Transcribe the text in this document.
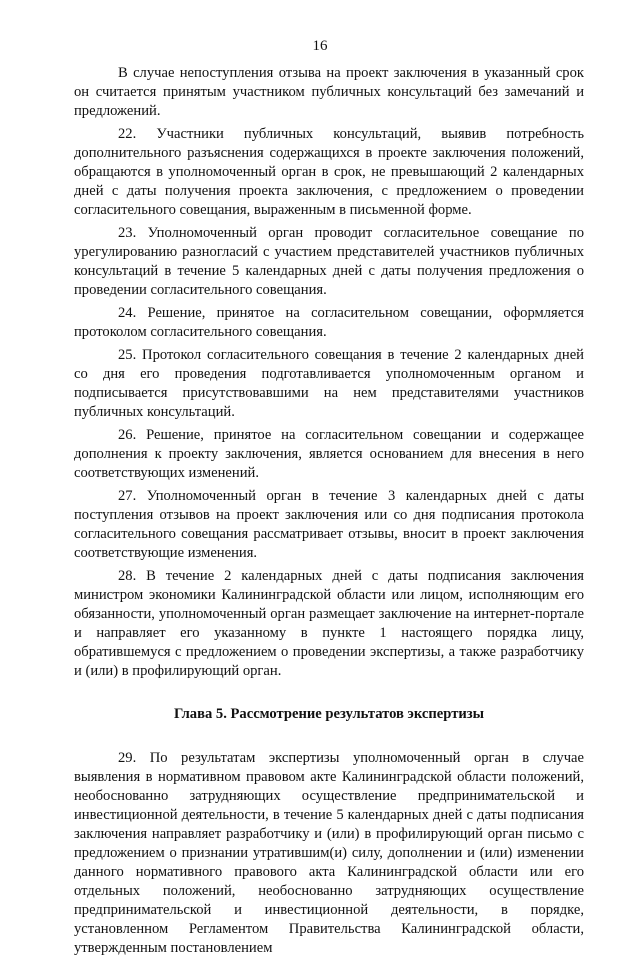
16

В случае непоступления отзыва на проект заключения в указанный срок он считается принятым участником публичных консультаций без замечаний и предложений.

22. Участники публичных консультаций, выявив потребность дополнительного разъяснения содержащихся в проекте заключения положений, обращаются в уполномоченный орган в срок, не превышающий 2 календарных дней с даты получения проекта заключения, с предложением о проведении согласительного совещания, выраженным в письменной форме.

23. Уполномоченный орган проводит согласительное совещание по урегулированию разногласий с участием представителей участников публичных консультаций в течение 5 календарных дней с даты получения предложения о проведении согласительного совещания.

24. Решение, принятое на согласительном совещании, оформляется протоколом согласительного совещания.

25. Протокол согласительного совещания в течение 2 календарных дней со дня его проведения подготавливается уполномоченным органом и подписывается присутствовавшими на нем представителями участников публичных консультаций.

26. Решение, принятое на согласительном совещании и содержащее дополнения к проекту заключения, является основанием для внесения в него соответствующих изменений.

27. Уполномоченный орган в течение 3 календарных дней с даты поступления отзывов на проект заключения или со дня подписания протокола согласительного совещания рассматривает отзывы, вносит в проект заключения соответствующие изменения.

28. В течение 2 календарных дней с даты подписания заключения министром экономики Калининградской области или лицом, исполняющим его обязанности, уполномоченный орган размещает заключение на интернет-портале и направляет его указанному в пункте 1 настоящего порядка лицу, обратившемуся с предложением о проведении экспертизы, а также разработчику и (или) в профилирующий орган.

Глава 5. Рассмотрение результатов экспертизы

29. По результатам экспертизы уполномоченный орган в случае выявления в нормативном правовом акте Калининградской области положений, необоснованно затрудняющих осуществление предпринимательской и инвестиционной деятельности, в течение 5 календарных дней с даты подписания заключения направляет разработчику и (или) в профилирующий орган письмо с предложением о признании утратившим(и) силу, дополнении и (или) изменении данного нормативного правового акта Калининградской области или его отдельных положений, необоснованно затрудняющих осуществление предпринимательской и инвестиционной деятельности, в порядке, установленном Регламентом Правительства Калининградской области, утвержденным постановлением
